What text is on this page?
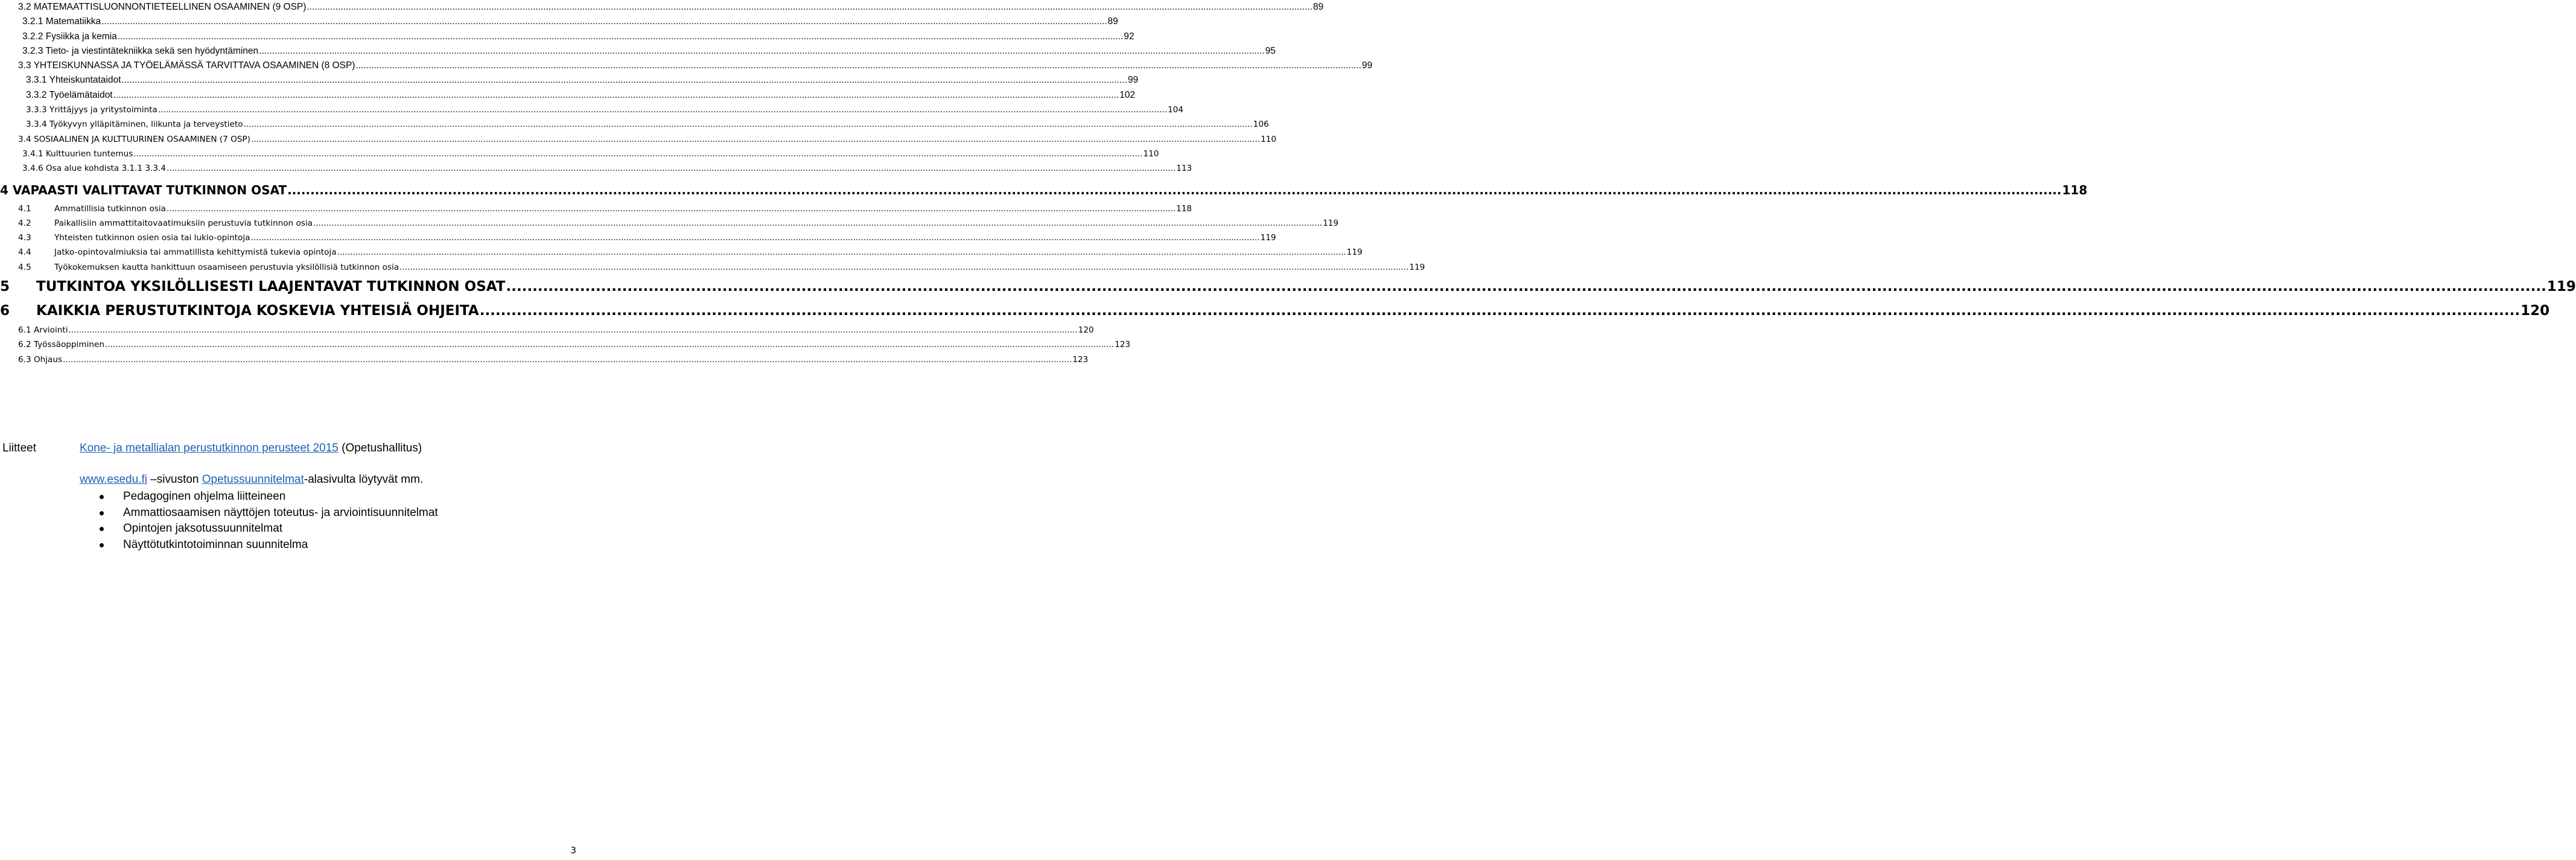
3.2 MATEMAATTISLUONNONTIETEELLINEN OSAAMINEN (9 OSP) .....	89
3.2.1 Matematiikka .....	89
3.2.2 Fysiikka ja kemia .....	92
3.2.3 Tieto- ja viestintätekniikka sekä sen hyödyntäminen .....	95
3.3 YHTEISKUNNASSA JA TYÖELÄMÄSSÄ TARVITTAVA OSAAMINEN (8 OSP) .....	99
3.3.1 Yhteiskuntataidot .....	99
3.3.2 Työelämätaidot .....	102
3.3.3 Yrittäjyys ja yritystoiminta .....	104
3.3.4 Työkyvyn ylläpitäminen, liikunta ja terveystieto .....	106
3.4 SOSIAALINEN JA KULTTUURINEN OSAAMINEN (7 OSP) .....	110
3.4.1 Kulttuurien tuntemus .....	110
3.4.6 Osa alue kohdista 3.1.1 3.3.4 .....	113
4 VAPAASTI VALITTAVAT TUTKINNON OSAT .....	118
4.1	Ammatillisia tutkinnon osia .....	118
4.2	Paikallisiin ammattitaitovaatimuksiin perustuvia tutkinnon osia .....	119
4.3	Yhteisten tutkinnon osien osia tai lukio-opintoja .....	119
4.4	Jatko-opintovalmiuksia tai ammatillista kehittymistä tukevia opintoja .....	119
4.5	Työkokemuksen kautta hankittuun osaamiseen perustuvia yksilöllisiä tutkinnon osia .....	119
5	TUTKINTOA YKSILÖLLISESTI LAAJENTAVAT TUTKINNON OSAT .....	119
6	KAIKKIA PERUSTUTKINTOJA KOSKEVIA YHTEISIÄ OHJEITA .....	120
6.1 Arviointi .....	120
6.2 Työssäoppiminen .....	123
6.3 Ohjaus .....	123
Liitteet	Kone- ja metallialan perustutkinnon perusteet 2015 (Opetushallitus)
www.esedu.fi –sivuston Opetussuunnitelmat-alasivulta löytyvät mm.
Pedagoginen ohjelma liitteineen
Ammattiosaamisen näyttöjen toteutus- ja arviointisuunnitelmat
Opintojen jaksotussuunnitelmat
Näyttötutkintotoiminnan suunnitelma
3
